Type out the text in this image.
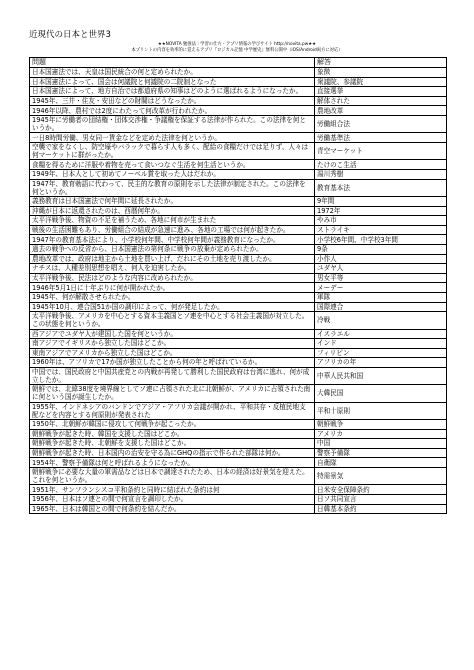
近現代の日本と世界3
★★NOVITA 勉強法｜学習の仕方・アプリ情報の学びサイト http://novita.pw★★
本プリントの内容を効率的に覚えるアプリ『ロジカル記憶 中学歴史』無料公開中（iOS/Android両方に対応）
問題	解答
日本国憲法では、天皇は国民統合の何と定められたか。	象徴
日本国憲法によって、国会は何議院と何議院の二院制となった	衆議院、参議院
日本国憲法によって、地方自治では都道府県の知事はどのように選ばれるようになったか。	直接選挙
1945年、三井・住友・安田などの財閥はどうなったか。	解体された
1946年以降、農村では2度にわたって何改革が行われたか。	農地改革
1945年に労働者の団結権・団体交渉権・争議権を保証する法律が作られた。この法律を何というか。	労働組合法
一日8時間労働、男女同一賃金などを定めた法律を何というか。	労働基準法
空襲で家をなくし、防空壕やバラックで暮らす人も多く、配給の食糧だけでは足りず、人々は何マーケットに群がったか。	青空マーケット
食糧を得るために洋服や着物を売って食いつなぐ生活を何生活というか。	たけのこ生活
1949年、日本人として初めてノーベル賞を取った人はだれか。	湯川秀樹
1947年、教育勅語に代わって、民主的な教育の原則を示した法律が制定された。この法律を何というか。	教育基本法
義務教育は日本国憲法で何年間に延長されたか。	9年間
沖縄が日本に返還されたのは、西暦何年か。	1972年
太平洋戦争後、物資の不足を補うため、各地に何市が生まれた	やみ市
戦後の生活困難もあり、労働組合の結成が急速に進み、各地の工場では何が起きたか。	ストライキ
1947年の教育基本法により、小学校何年間、中学校何年間が義務教育になったか。	小学校6年間、中学校3年間
過去の戦争への反省から、日本国憲法の第何条に戦争の放棄が定められたか。	9条
農地改革では、政府は地主から土地を買い上げ、だれにその土地を売り渡したか。	小作人
ナチスは、人種差別思想を唱え、何人を迫害したか。	ユダヤ人
太平洋戦争後、民法はどのような内容に改められたか。	男女平等
1946年5月1日に十年ぶりに何が開かれたか。	メーデー
1945年、何が解散させられたか。	軍隊
1945年10月、連合国51か国の調印によって、何が発足したか。	国際連合
太平洋戦争後、アメリカを中心とする資本主義国とソ連を中心とする社会主義国が対立した。この状態を何というか。	冷戦
西アジアでユダヤ人が建国した国を何というか。	イスラエル
南アジアでイギリスから独立した国はどこか。	インド
東南アジアでアメリカから独立した国はどこか。	フィリピン
1960年は、アフリカで17か国が独立したことから何の年と呼ばれているか。	アフリカの年
中国では、国民政府と中国共産党との内戦が再発して勝利した国民政府は台湾に逃れ、何が成立したか。	中華人民共和国
朝鮮では、北緯38度を境界線としてソ連に占領された北に北朝鮮が、アメリカに占領された南に何という国が誕生したか。	大韓民国
1955年、インドネシアのバンドンでアジア・アフリカ会議が開かれ、平和共存・反植民地支配などを内容とする何原則が発表された	平和十原則
1950年、北朝鮮が韓国に侵攻して何戦争が起こったか。	朝鮮戦争
朝鮮戦争が起きた時、韓国を支援した国はどこか。	アメリカ
朝鮮戦争が起きた時、北朝鮮を支援した国はどこか。	中国
朝鮮戦争が起きた時、日本国内の治安を守る為にGHQの指示で作られた部隊は何か。	警察予備隊
1954年、警察予備隊は何と呼ばれるようになったか。	自衛隊
朝鮮戦争に必要な大量の軍需品などは日本で調達されたため、日本の経済は好景気を迎えた。これを何というか。	特需景気
1951年、サンフランシスコ平和条約と同時に結ばれた条約は何	日米安全保障条約
1956年、日本はソ連との間で何宣言を調印したか。	日ソ共同宣言
1965年、日本は韓国との間で何条約を結んだか。	日韓基本条約
